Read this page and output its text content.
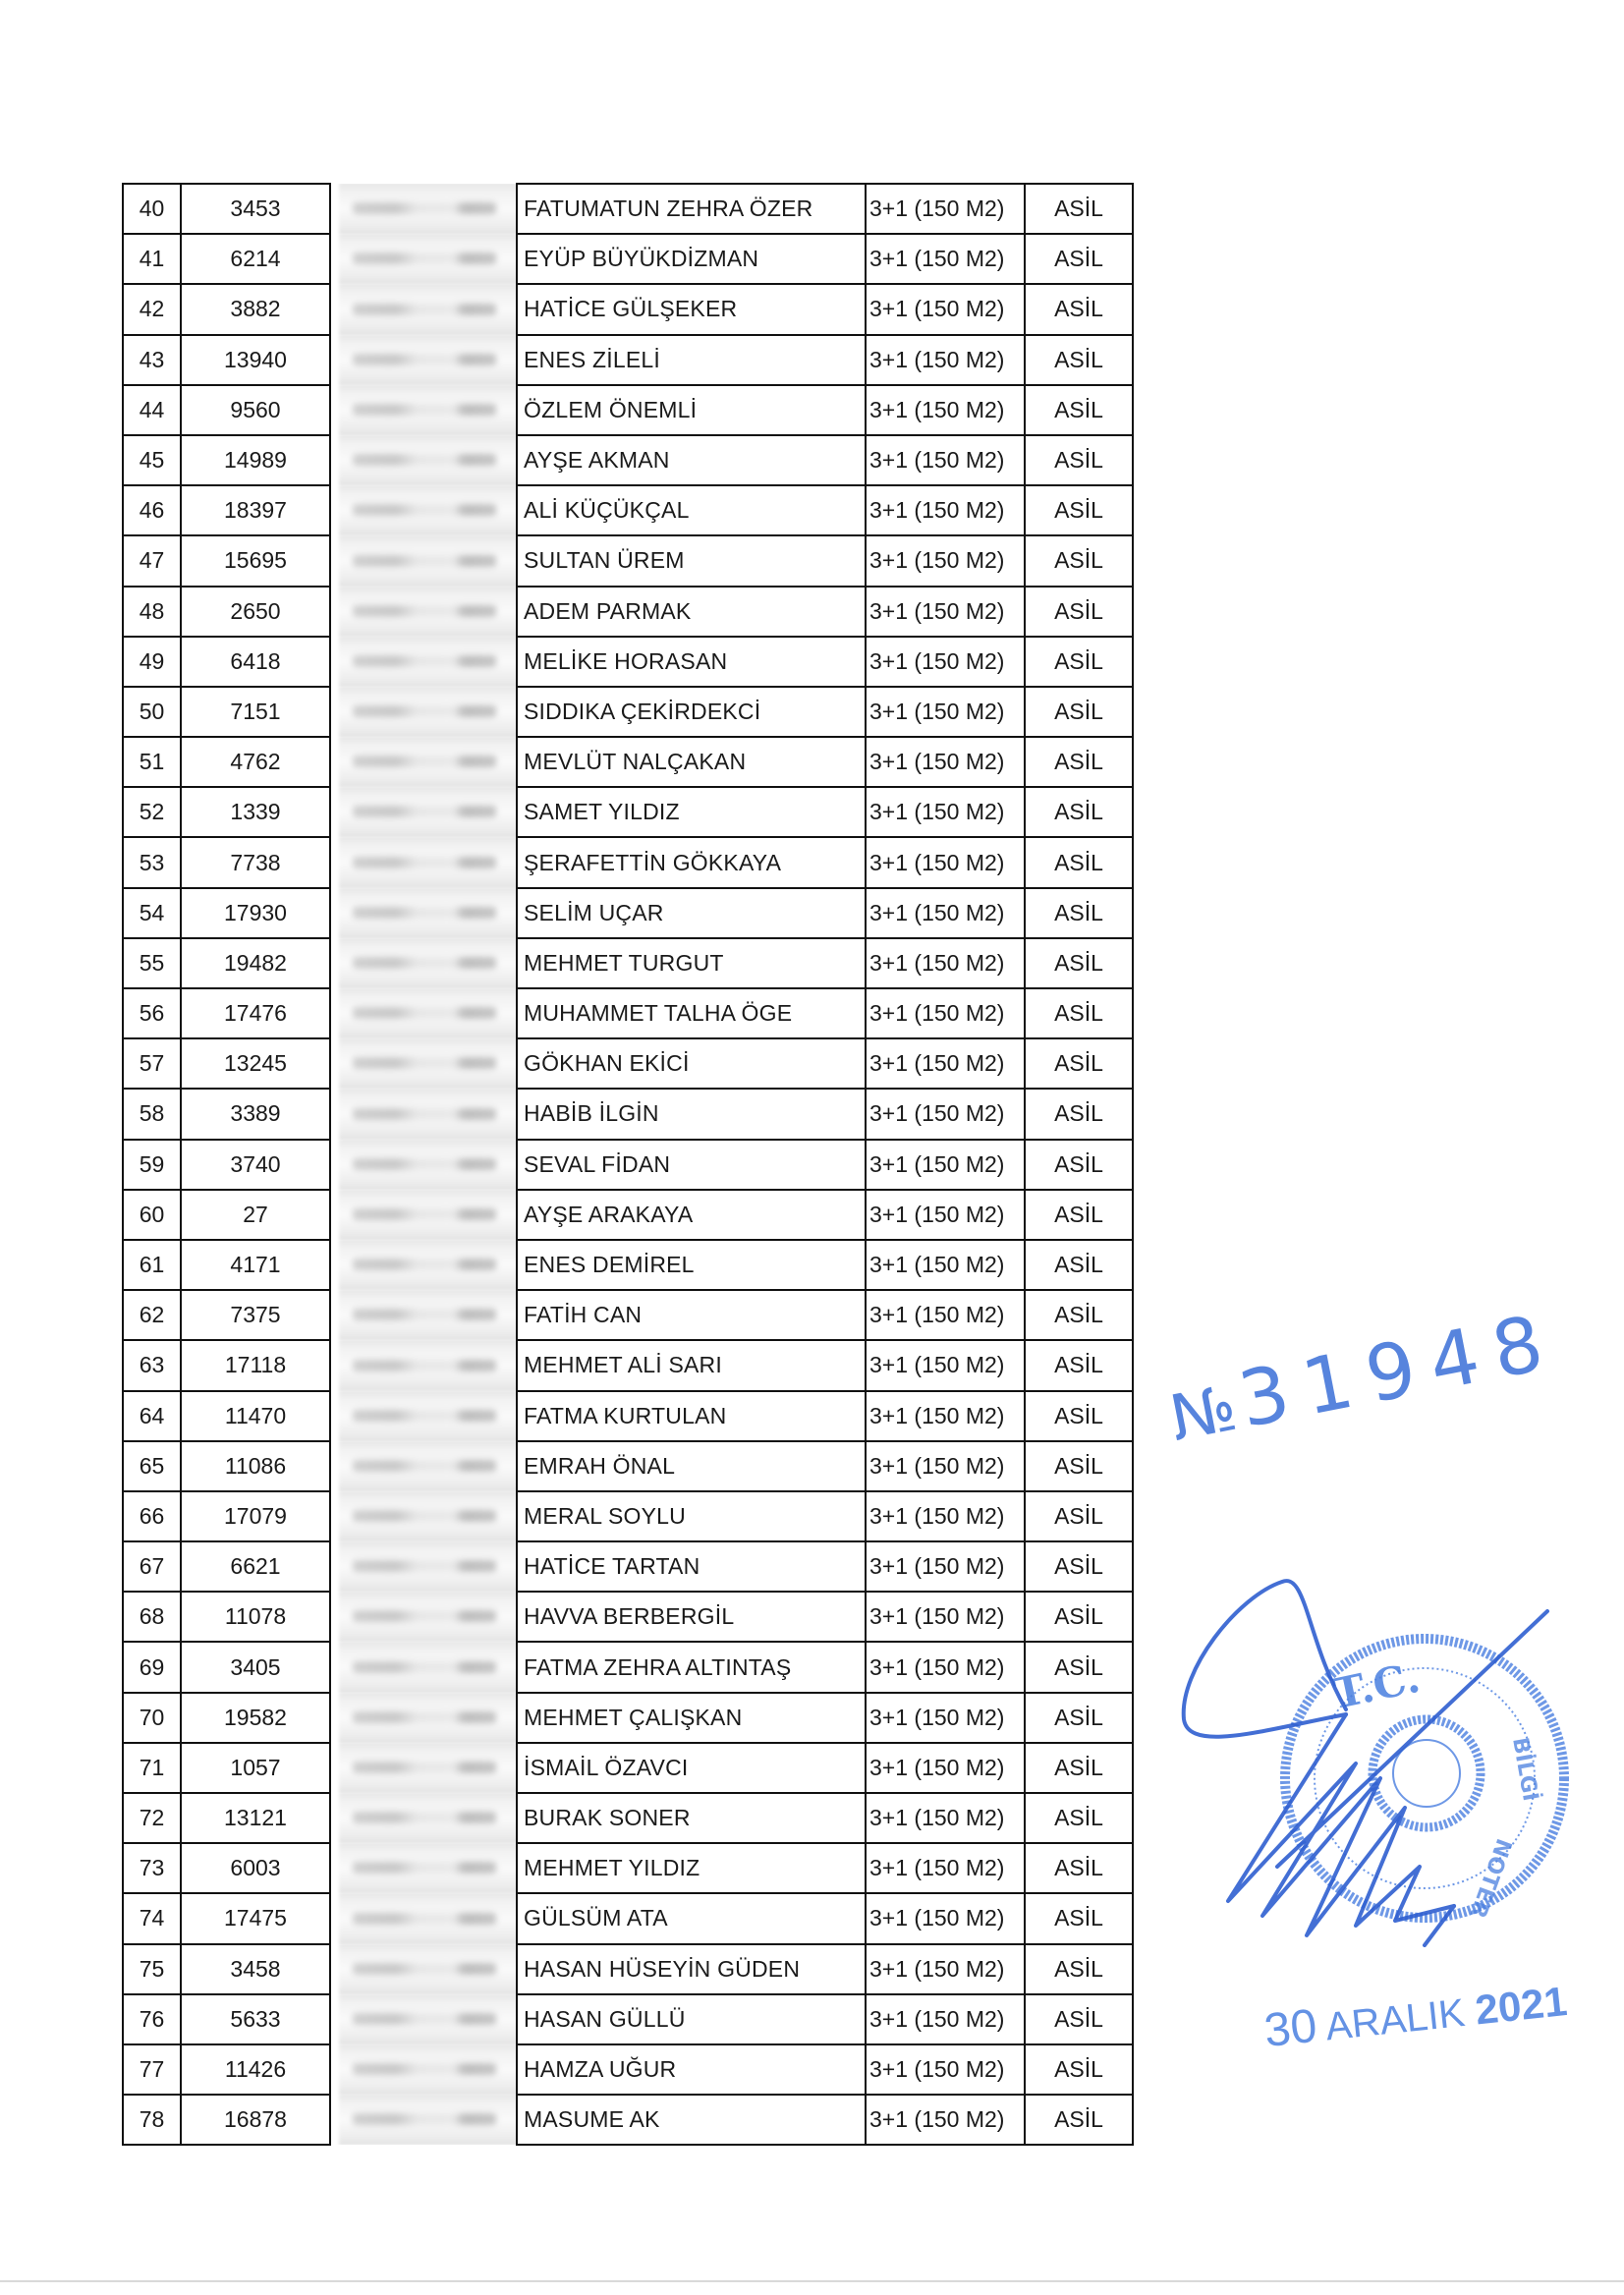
40	3453		FATUMATUN ZEHRA ÖZER	3+1 (150 M2)	ASİL
41	6214		EYÜP BÜYÜKDİZMAN	3+1 (150 M2)	ASİL
42	3882		HATİCE GÜLŞEKER	3+1 (150 M2)	ASİL
43	13940		ENES ZİLELİ	3+1 (150 M2)	ASİL
44	9560		ÖZLEM ÖNEMLİ	3+1 (150 M2)	ASİL
45	14989		AYŞE AKMAN	3+1 (150 M2)	ASİL
46	18397		ALİ KÜÇÜKÇAL	3+1 (150 M2)	ASİL
47	15695		SULTAN ÜREM	3+1 (150 M2)	ASİL
48	2650		ADEM PARMAK	3+1 (150 M2)	ASİL
49	6418		MELİKE HORASAN	3+1 (150 M2)	ASİL
50	7151		SIDDIKA ÇEKİRDEKCİ	3+1 (150 M2)	ASİL
51	4762		MEVLÜT NALÇAKAN	3+1 (150 M2)	ASİL
52	1339		SAMET YILDIZ	3+1 (150 M2)	ASİL
53	7738		ŞERAFETTİN GÖKKAYA	3+1 (150 M2)	ASİL
54	17930		SELİM UÇAR	3+1 (150 M2)	ASİL
55	19482		MEHMET TURGUT	3+1 (150 M2)	ASİL
56	17476		MUHAMMET TALHA ÖGE	3+1 (150 M2)	ASİL
57	13245		GÖKHAN EKİCİ	3+1 (150 M2)	ASİL
58	3389		HABİB İLGİN	3+1 (150 M2)	ASİL
59	3740		SEVAL FİDAN	3+1 (150 M2)	ASİL
60	27		AYŞE ARAKAYA	3+1 (150 M2)	ASİL
61	4171		ENES DEMİREL	3+1 (150 M2)	ASİL
62	7375		FATİH CAN	3+1 (150 M2)	ASİL
63	17118		MEHMET ALİ SARI	3+1 (150 M2)	ASİL
64	11470		FATMA KURTULAN	3+1 (150 M2)	ASİL
65	11086		EMRAH ÖNAL	3+1 (150 M2)	ASİL
66	17079		MERAL SOYLU	3+1 (150 M2)	ASİL
67	6621		HATİCE TARTAN	3+1 (150 M2)	ASİL
68	11078		HAVVA BERBERGİL	3+1 (150 M2)	ASİL
69	3405		FATMA ZEHRA ALTINTAŞ	3+1 (150 M2)	ASİL
70	19582		MEHMET ÇALIŞKAN	3+1 (150 M2)	ASİL
71	1057		İSMAİL ÖZAVCI	3+1 (150 M2)	ASİL
72	13121		BURAK SONER	3+1 (150 M2)	ASİL
73	6003		MEHMET YILDIZ	3+1 (150 M2)	ASİL
74	17475		GÜLSÜM ATA	3+1 (150 M2)	ASİL
75	3458		HASAN HÜSEYİN GÜDEN	3+1 (150 M2)	ASİL
76	5633		HASAN GÜLLÜ	3+1 (150 M2)	ASİL
77	11426		HAMZA UĞUR	3+1 (150 M2)	ASİL
78	16878		MASUME AK	3+1 (150 M2)	ASİL
№31948
T.C.
BİLGİ
NOTER
30 ARALIK 2021
